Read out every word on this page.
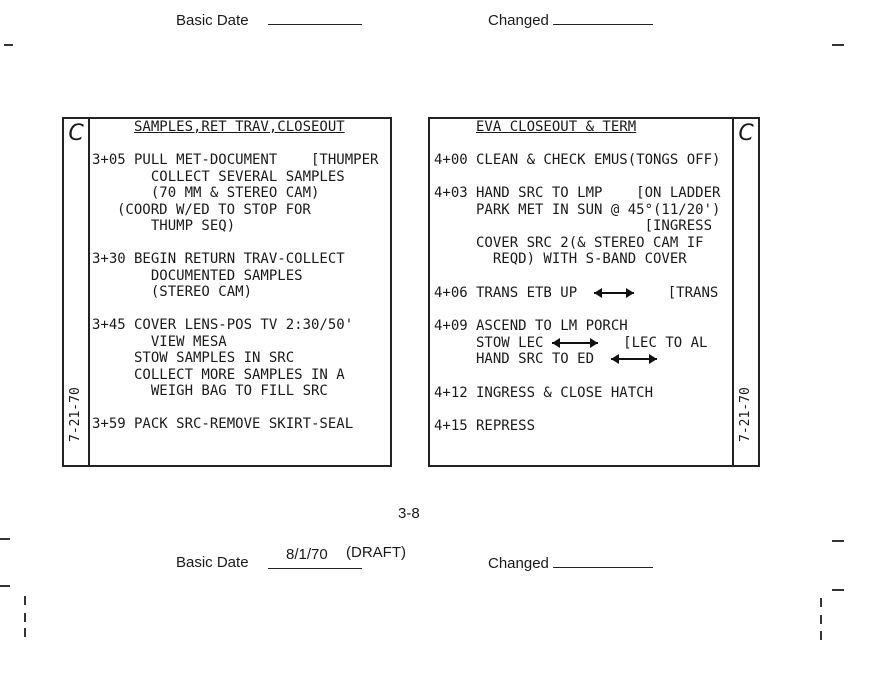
Basic Date	Changed
C
7-21-70
SAMPLES,RET TRAV,CLOSEOUT
3+05 PULL MET-DOCUMENT    [THUMPER
COLLECT SEVERAL SAMPLES
(70 MM & STEREO CAM)
(COORD W/ED TO STOP FOR
THUMP SEQ)
3+30 BEGIN RETURN TRAV-COLLECT
DOCUMENTED SAMPLES
(STEREO CAM)
3+45 COVER LENS-POS TV 2:30/50'
VIEW MESA
STOW SAMPLES IN SRC
COLLECT MORE SAMPLES IN A
WEIGH BAG TO FILL SRC
3+59 PACK SRC-REMOVE SKIRT-SEAL
C
7-21-70
EVA CLOSEOUT & TERM
4+00 CLEAN & CHECK EMUS(TONGS OFF)
4+03 HAND SRC TO LMP    [ON LADDER
PARK MET IN SUN @ 45°(11/20')
[INGRESS
COVER SRC 2(& STEREO CAM IF
REQD) WITH S-BAND COVER
4+06 TRANS ETB UP	[TRANS
4+09 ASCEND TO LM PORCH
STOW LEC	[LEC TO AL
HAND SRC TO ED
4+12 INGRESS & CLOSE HATCH
4+15 REPRESS
3-8
Basic Date 8/1/70 (DRAFT)
Changed
